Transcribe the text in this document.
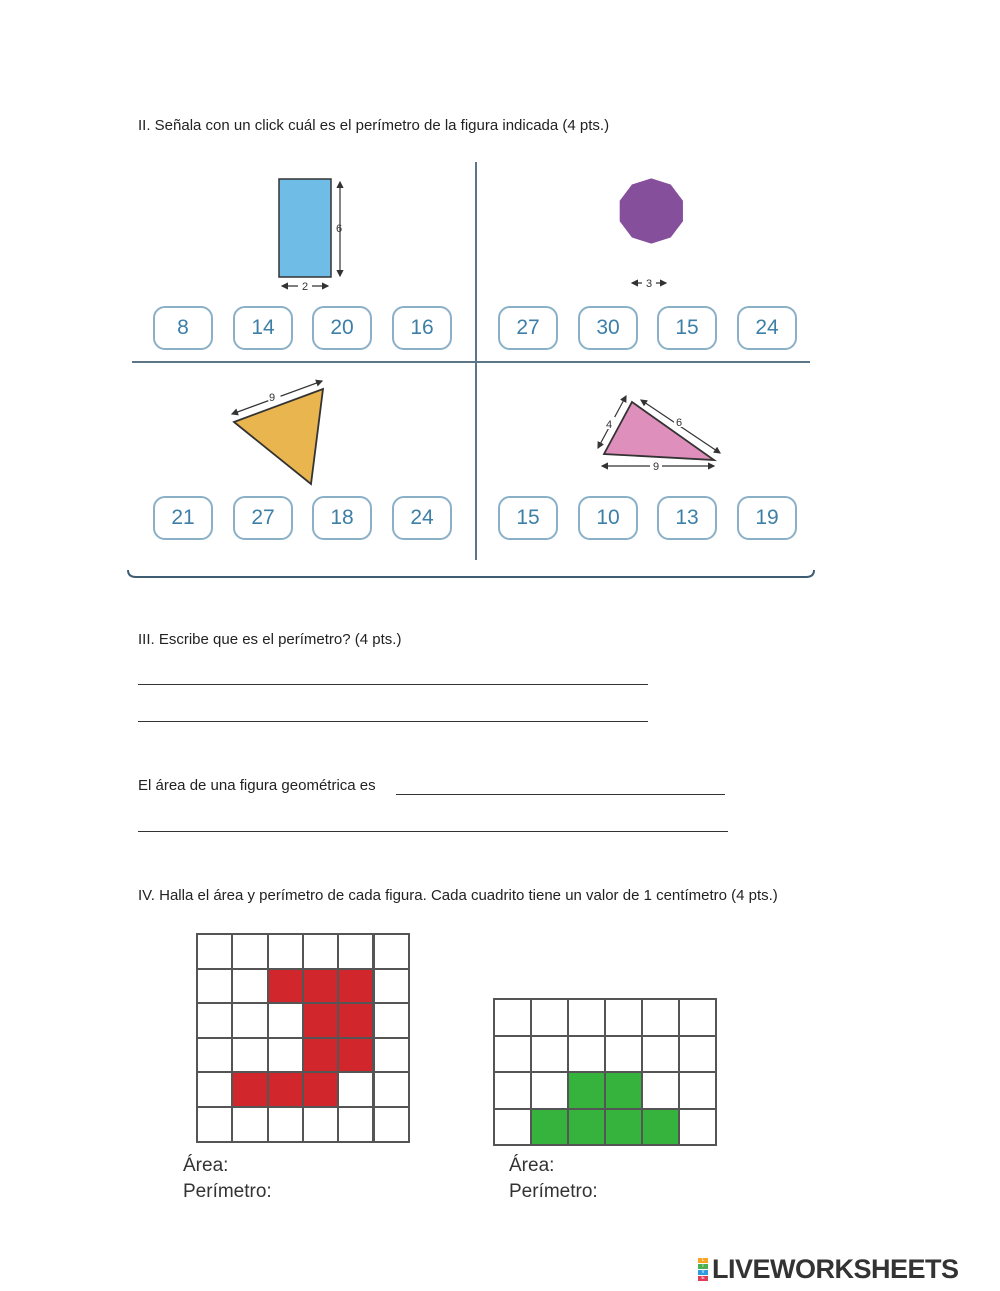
II. Señala con un click cuál es el perímetro de la figura indicada (4 pts.)
6
2	3
9
4	6
9
8	14	20	16	27	30	15	24
21	27	18	24	15	10	13	19
III. Escribe que es el perímetro? (4 pts.)
El área de una figura geométrica es
IV. Halla el área y perímetro de cada figura. Cada cuadrito tiene un valor de 1 centímetro (4 pts.)
Área:
Perímetro:
Área:
Perímetro:
L
I
V
E LIVEWORKSHEETS
